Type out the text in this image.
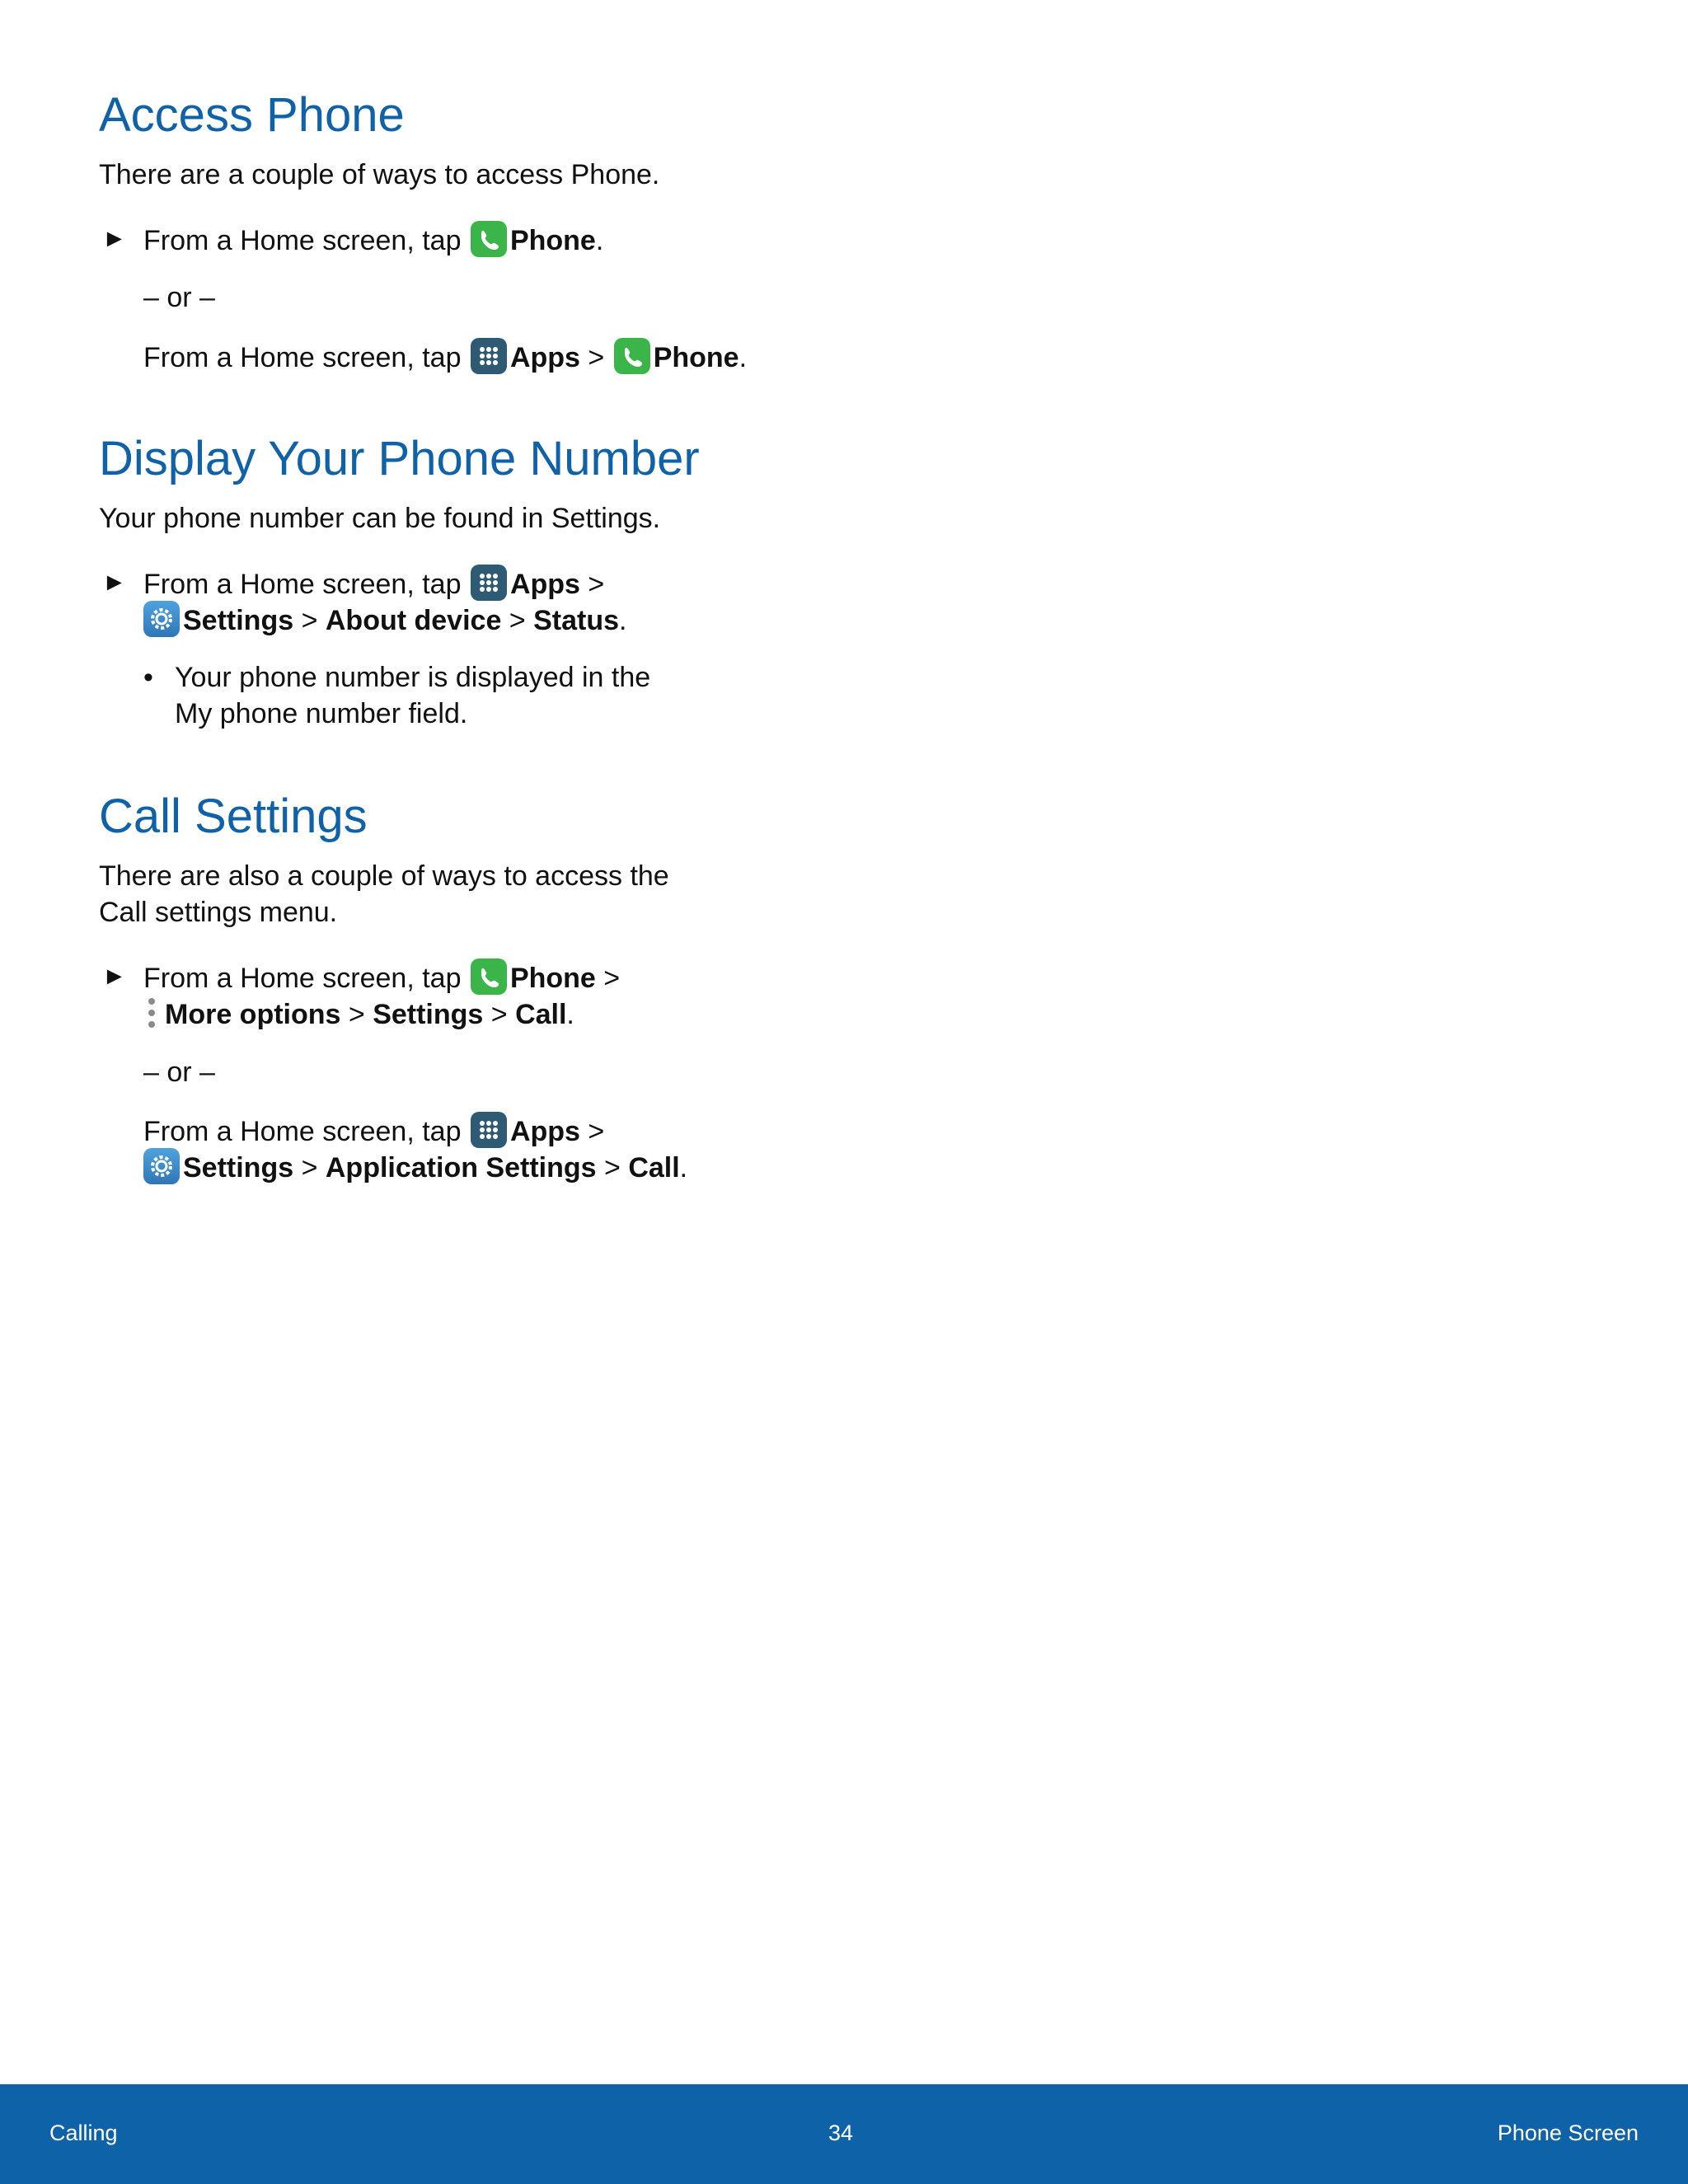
Access Phone

There are a couple of ways to access Phone.

► From a Home screen, tap Phone.
– or –
From a Home screen, tap Apps >
Phone.
Display Your Phone Number

Your phone number can be found in Settings.

► From a Home screen, tap Apps >
Settings > About device > Status.
• Your phone number is displayed in the
My phone number field.
Call Settings

There are also a couple of ways to access the

Call settings menu.

► From a Home screen, tap Phone >
More options > Settings > Call.
– or –
From a Home screen, tap Apps >
Settings > Application Settings > Call.
Calling	34	Phone Screen
